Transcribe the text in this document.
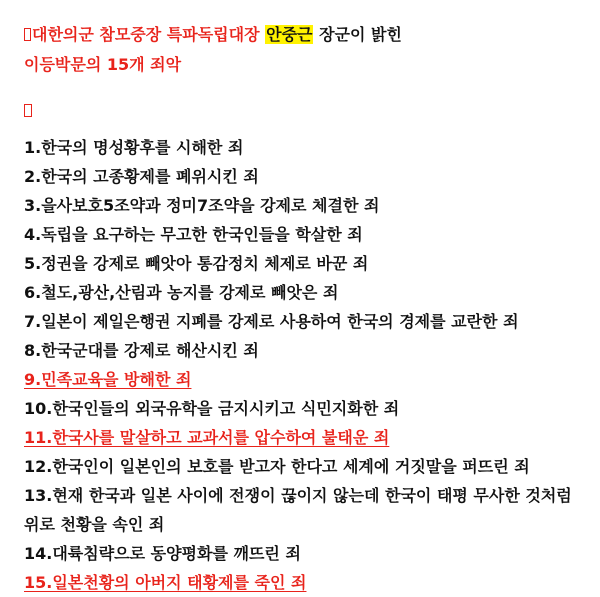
대한의군 참모중장 특파독립대장 안중근 장군이 밝힌
이등박문의 15개 죄악
1.한국의 명성황후를 시해한 죄
2.한국의 고종황제를 폐위시킨 죄
3.을사보호5조약과 정미7조약을 강제로 체결한 죄
4.독립을 요구하는 무고한 한국인들을 학살한 죄
5.정권을 강제로 빼앗아 통감정치 체제로 바꾼 죄
6.철도,광산,산림과 농지를 강제로 빼앗은 죄
7.일본이 제일은행권 지폐를 강제로 사용하여 한국의 경제를 교란한 죄
8.한국군대를 강제로 해산시킨 죄
9.민족교육을 방해한 죄
10.한국인들의 외국유학을 금지시키고 식민지화한 죄
11.한국사를 말살하고 교과서를 압수하여 불태운 죄
12.한국인이 일본인의 보호를 받고자 한다고 세계에 거짓말을 퍼뜨린 죄
13.현재 한국과 일본 사이에 전쟁이 끊이지 않는데 한국이 태평 무사한 것처럼 위로 천황을 속인 죄
14.대륙침략으로 동양평화를 깨뜨린 죄
15.일본천황의 아버지 태황제를 죽인 죄
